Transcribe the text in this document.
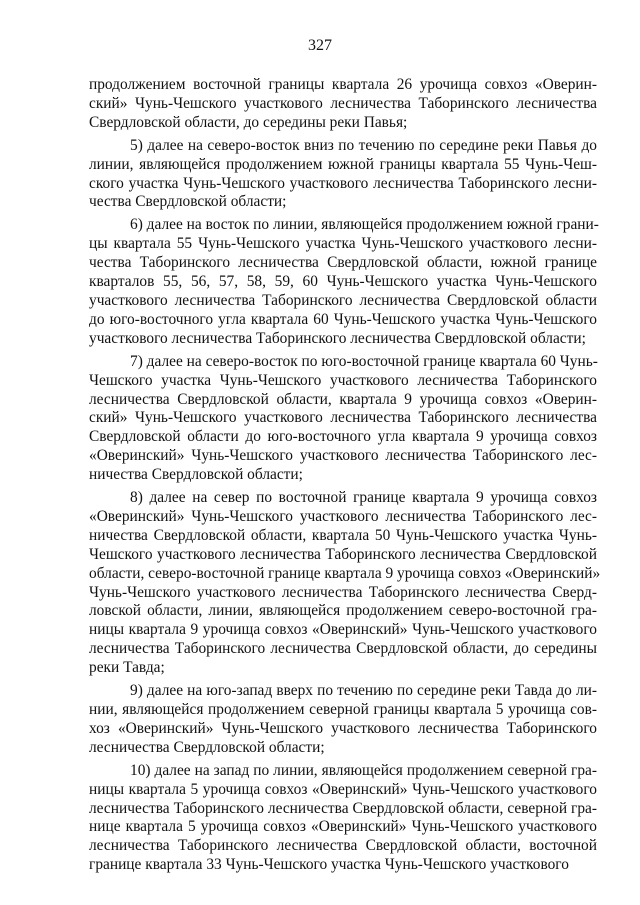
327
продолжением восточной границы квартала 26 урочища совхоз «Оверин-
ский» Чунь-Чешского участкового лесничества Таборинского лесничества
Свердловской области, до середины реки Павья;
5) далее на северо-восток вниз по течению по середине реки Павья до
линии, являющейся продолжением южной границы квартала 55 Чунь-Чеш-
ского участка Чунь-Чешского участкового лесничества Таборинского лесни-
чества Свердловской области;
6) далее на восток по линии, являющейся продолжением южной грани-
цы квартала 55 Чунь-Чешского участка Чунь-Чешского участкового лесни-
чества Таборинского лесничества Свердловской области, южной границе
кварталов 55, 56, 57, 58, 59, 60 Чунь-Чешского участка Чунь-Чешского
участкового лесничества Таборинского лесничества Свердловской области
до юго-восточного угла квартала 60 Чунь-Чешского участка Чунь-Чешского
участкового лесничества Таборинского лесничества Свердловской области;
7) далее на северо-восток по юго-восточной границе квартала 60 Чунь-
Чешского участка Чунь-Чешского участкового лесничества Таборинского
лесничества Свердловской области, квартала 9 урочища совхоз «Оверин-
ский» Чунь-Чешского участкового лесничества Таборинского лесничества
Свердловской области до юго-восточного угла квартала 9 урочища совхоз
«Оверинский» Чунь-Чешского участкового лесничества Таборинского лес-
ничества Свердловской области;
8) далее на север по восточной границе квартала 9 урочища совхоз
«Оверинский» Чунь-Чешского участкового лесничества Таборинского лес-
ничества Свердловской области, квартала 50 Чунь-Чешского участка Чунь-
Чешского участкового лесничества Таборинского лесничества Свердловской
области, северо-восточной границе квартала 9 урочища совхоз «Оверинский»
Чунь-Чешского участкового лесничества Таборинского лесничества Сверд-
ловской области, линии, являющейся продолжением северо-восточной гра-
ницы квартала 9 урочища совхоз «Оверинский» Чунь-Чешского участкового
лесничества Таборинского лесничества Свердловской области, до середины
реки Тавда;
9) далее на юго-запад вверх по течению по середине реки Тавда до ли-
нии, являющейся продолжением северной границы квартала 5 урочища сов-
хоз «Оверинский» Чунь-Чешского участкового лесничества Таборинского
лесничества Свердловской области;
10) далее на запад по линии, являющейся продолжением северной гра-
ницы квартала 5 урочища совхоз «Оверинский» Чунь-Чешского участкового
лесничества Таборинского лесничества Свердловской области, северной гра-
нице квартала 5 урочища совхоз «Оверинский» Чунь-Чешского участкового
лесничества Таборинского лесничества Свердловской области, восточной
границе квартала 33 Чунь-Чешского участка Чунь-Чешского участкового
